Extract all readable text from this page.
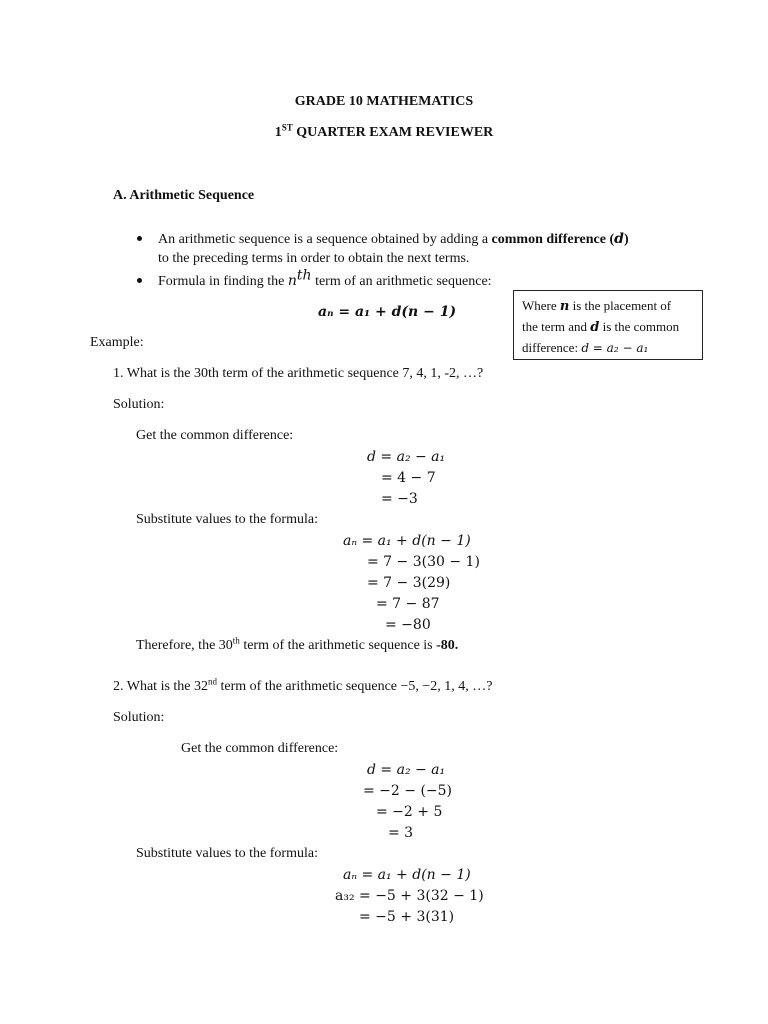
GRADE 10 MATHEMATICS
1ST QUARTER EXAM REVIEWER
A. Arithmetic Sequence
An arithmetic sequence is a sequence obtained by adding a common difference (d)
to the preceding terms in order to obtain the next terms.
Formula in finding the $n^{th}$ term of an arithmetic sequence:
aₙ = a₁ + d(n − 1)	Where n is the placement of

the term and d is the common

difference: d = a₂ − a₁

Example:
1. What is the 30th term of the arithmetic sequence 7, 4, 1, -2, …?
Solution:
Get the common difference:
d = a₂ − a₁
= 4 − 7
= −3
Substitute values to the formula:
aₙ = a₁ + d(n − 1)
= 7 − 3(30 − 1)
= 7 − 3(29)
= 7 − 87
= −80
Therefore, the 30th term of the arithmetic sequence is -80.
2. What is the 32nd term of the arithmetic sequence −5, −2, 1, 4, …?
Solution:
Get the common difference:
d = a₂ − a₁
= −2 − (−5)
= −2 + 5
= 3
Substitute values to the formula:
aₙ = a₁ + d(n − 1)
a₃₂ = −5 + 3(32 − 1)
= −5 + 3(31)
